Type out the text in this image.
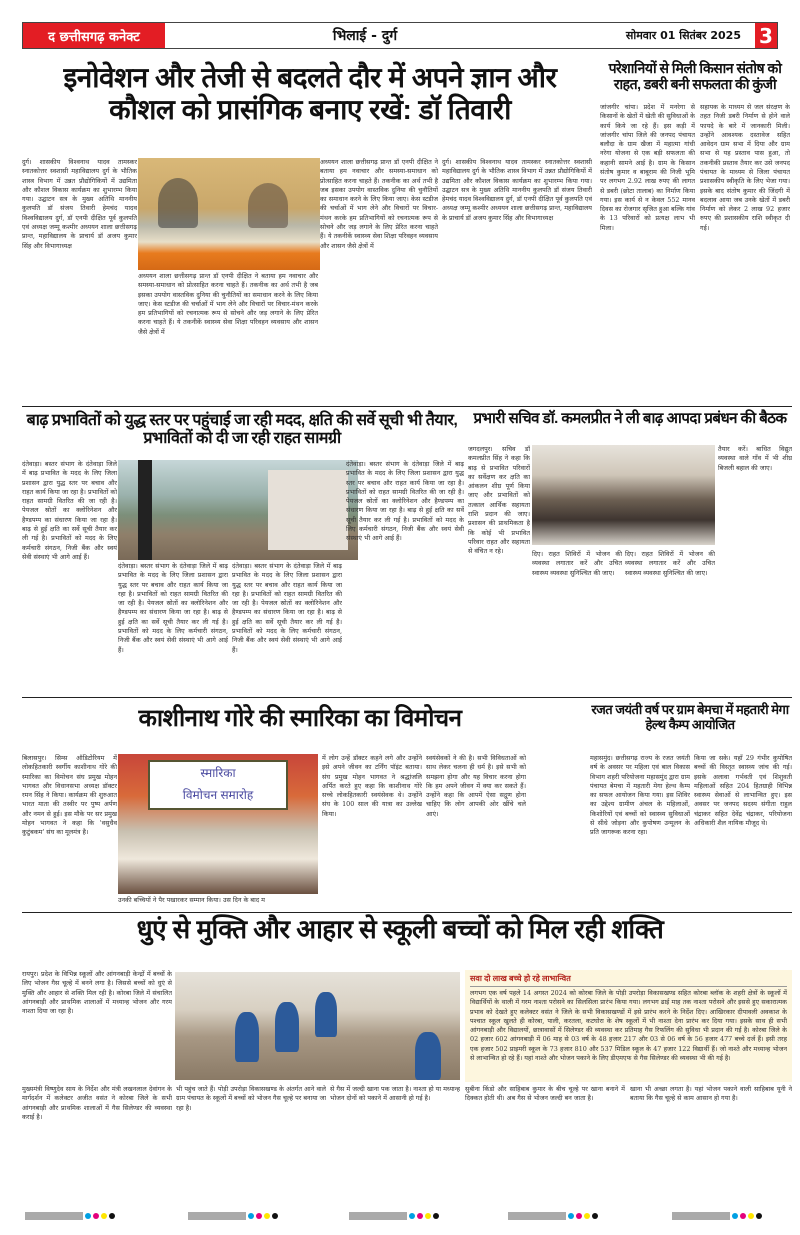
द छत्तीसगढ़ कनेक्ट	भिलाई - दुर्ग	सोमवार 01 सितंबर 2025 3
इनोवेशन और तेजी से बदलते दौर में अपने ज्ञान और कौशल को प्रासंगिक बनाए रखें: डॉ तिवारी
दुर्ग। शासकीय विश्वनाथ यादव तामस्कर स्नातकोत्तर स्वशासी महाविद्यालय दुर्ग के भौतिक शास्त्र विभाग में उन्नत प्रौद्योगिकियों में उद्यमिता और कौशल विकास कार्यक्रम का शुभारम्भ किया गया। उद्घाटन सत्र के मुख्य अतिथि माननीय कुलपति डॉ संजय तिवारी हेमचंद यादव विश्वविद्यालय दुर्ग, डॉ एनपी दीक्षित पूर्व कुलपति एवं अध्यक्ष जम्मू कश्मीर अध्ययन शाला छत्तीसगढ़ प्रान्त, महाविद्यालय के प्राचार्य डॉ अजय कुमार सिंह और विभागाध्यक्ष
अध्ययन शाला छत्तीसगढ़ प्रान्त डॉ एनपी दीक्षित ने बताया हम नवाचार और समस्या-समाधान को प्रोत्साहित करना चाहते हैं। तकनीक का अर्थ तभी है जब इसका उपयोग वास्तविक दुनिया की चुनौतियों का समाधान करने के लिए किया जाए। केस स्टडीज की चर्चाओं में भाग लेने और विचारों पर विचार-मंथन करके हम प्रतिभागियों को रचनात्मक रूप से सोचने और जड़ लगाने के लिए प्रेरित करना चाहते हैं। ये तकनीकें स्वास्थ्य सेवा शिक्षा परिवहन व्यवसाय और शासन जैसे क्षेत्रों में
अध्ययन शाला छत्तीसगढ़ प्रान्त डॉ एनपी दीक्षित ने बताया हम नवाचार और समस्या-समाधान को प्रोत्साहित करना चाहते हैं। तकनीक का अर्थ तभी है जब इसका उपयोग वास्तविक दुनिया की चुनौतियों का समाधान करने के लिए किया जाए। केस स्टडीज की चर्चाओं में भाग लेने और विचारों पर विचार-मंथन करके हम प्रतिभागियों को रचनात्मक रूप से सोचने और जड़ लगाने के लिए प्रेरित करना चाहते हैं। ये तकनीकें स्वास्थ्य सेवा शिक्षा परिवहन व्यवसाय और शासन जैसे क्षेत्रों में
दुर्ग। शासकीय विश्वनाथ यादव तामस्कर स्नातकोत्तर स्वशासी महाविद्यालय दुर्ग के भौतिक शास्त्र विभाग में उन्नत प्रौद्योगिकियों में उद्यमिता और कौशल विकास कार्यक्रम का शुभारम्भ किया गया। उद्घाटन सत्र के मुख्य अतिथि माननीय कुलपति डॉ संजय तिवारी हेमचंद यादव विश्वविद्यालय दुर्ग, डॉ एनपी दीक्षित पूर्व कुलपति एवं अध्यक्ष जम्मू कश्मीर अध्ययन शाला छत्तीसगढ़ प्रान्त, महाविद्यालय के प्राचार्य डॉ अजय कुमार सिंह और विभागाध्यक्ष
परेशानियों से मिली किसान संतोष को राहत, डबरी बनी सफलता की कुंजी
जांजगीर चांपा। प्रदेश में मनरेगा से किसानों के खेतों में खेती की सुविधाओं के कार्य किये जा रहे हैं। इस कड़ी में जांजगीर चांपा जिले की जनपद पंचायत बलौदा के ग्राम खैजा में महात्मा गांधी नरेगा योजना से एक बड़ी सफलता की कहानी सामने आई है। ग्राम के किसान संतोष कुमार व बाबूराम की निजी भूमि पर लगभग 2.92 लाख रुपए की लागत से डबरी (छोटा तालाब) का निर्माण किया गया। इस कार्य से न केवल 552 मानव दिवस का रोजगार सृजित हुआ बल्कि गांव के 13 परिवारों को प्रत्यक्ष लाभ भी मिला।
सहायक के माध्यम से जल संरक्षण के तहत निजी डबरी निर्माण से होने वाले फायदे के बारे में जानकारी मिली। उन्होंने आवश्यक दस्तावेज सहित आवेदन ग्राम सभा में दिया और ग्राम सभा से यह प्रस्ताव पास हुआ, तो तकनीकी प्रस्ताव तैयार कर उसे जनपद पंचायत के माध्यम से जिला पंचायत प्रशासकीय स्वीकृति के लिए भेजा गया। इसके बाद संतोष कुमार की जिंदगी में बदलाव आया जब उनके खेतों में डबरी निर्माण को लेकर 2 लाख 92 हजार रुपए की प्रशासकीय राशि स्वीकृत दी गई।
बाढ़ प्रभावितों को युद्ध स्तर पर पहुंचाई जा रही मदद, क्षति की सर्वे सूची भी तैयार, प्रभावितों को दी जा रही राहत सामग्री
दंतेवाड़ा। बस्तर संभाग के दंतेवाड़ा जिले में बाढ़ प्रभावित के मदद के लिए जिला प्रशासन द्वारा युद्ध स्तर पर बचाव और राहत कार्य किया जा रहा है। प्रभावितों को राहत सामग्री वितरित की जा रही है। पेयजल स्रोतों का क्लोरिनेशन और हैण्डपम्प का संधारण किया जा रहा है। बाढ़ से हुई क्षति का सर्वे सूची तैयार कर ली गई है। प्रभावितों को मदद के लिए कर्मचारी संगठन, निजी बैंक और स्वयं सेवी संस्थाएं भी आगे आई हैं।
दंतेवाड़ा। बस्तर संभाग के दंतेवाड़ा जिले में बाढ़ प्रभावित के मदद के लिए जिला प्रशासन द्वारा युद्ध स्तर पर बचाव और राहत कार्य किया जा रहा है। प्रभावितों को राहत सामग्री वितरित की जा रही है। पेयजल स्रोतों का क्लोरिनेशन और हैण्डपम्प का संधारण किया जा रहा है। बाढ़ से हुई क्षति का सर्वे सूची तैयार कर ली गई है। प्रभावितों को मदद के लिए कर्मचारी संगठन, निजी बैंक और स्वयं सेवी संस्थाएं भी आगे आई हैं।
दंतेवाड़ा। बस्तर संभाग के दंतेवाड़ा जिले में बाढ़ प्रभावित के मदद के लिए जिला प्रशासन द्वारा युद्ध स्तर पर बचाव और राहत कार्य किया जा रहा है। प्रभावितों को राहत सामग्री वितरित की जा रही है। पेयजल स्रोतों का क्लोरिनेशन और हैण्डपम्प का संधारण किया जा रहा है। बाढ़ से हुई क्षति का सर्वे सूची तैयार कर ली गई है। प्रभावितों को मदद के लिए कर्मचारी संगठन, निजी बैंक और स्वयं सेवी संस्थाएं भी आगे आई हैं।
दंतेवाड़ा। बस्तर संभाग के दंतेवाड़ा जिले में बाढ़ प्रभावित के मदद के लिए जिला प्रशासन द्वारा युद्ध स्तर पर बचाव और राहत कार्य किया जा रहा है। प्रभावितों को राहत सामग्री वितरित की जा रही है। पेयजल स्रोतों का क्लोरिनेशन और हैण्डपम्प का संधारण किया जा रहा है। बाढ़ से हुई क्षति का सर्वे सूची तैयार कर ली गई है। प्रभावितों को मदद के लिए कर्मचारी संगठन, निजी बैंक और स्वयं सेवी संस्थाएं भी आगे आई हैं।
प्रभारी सचिव डॉ. कमलप्रीत ने ली बाढ़ आपदा प्रबंधन की बैठक
जगदलपुर। सचिव डॉ कमलप्रीत सिंह ने कहा कि बाढ़ से प्रभावित परिवारों का सर्वेक्षण कर क्षति का आंकलन शीघ्र पूर्ण किया जाए और प्रभावितों को तत्काल आर्थिक सहायता राशि प्रदान की जाए। प्रशासन की प्राथमिकता है कि कोई भी प्रभावित परिवार राहत और सहायता से वंचित न रहे।	दिए। राहत शिविरों में भोजन की व्यवस्था लगातार करें और उचित स्वास्थ्य व्यवस्था सुनिश्चित की जाए।
दिए। राहत शिविरों में भोजन की व्यवस्था लगातार करें और उचित स्वास्थ्य व्यवस्था सुनिश्चित की जाए।
तैयार करें। बाधित विद्युत व्यवस्था वाले गाँव में भी शीघ्र बिजली बहाल की जाए।
काशीनाथ गोरे की स्मारिका का विमोचन
बिलासपुर। सिम्स ऑडिटोरियम में लोकहितकारी स्वर्गीय काशीनाथ गोरे की स्मारिका का विमोचन संघ प्रमुख मोहन भागवत और विधानसभा अध्यक्ष डॉक्टर रमन सिंह ने किया। कार्यक्रम की शुरुआत भारत माता की तस्वीर पर पुष्प अर्पण और नमन से हुई। इस मौके पर सर प्रमुख मोहन भागवत ने कहा कि 'वसुधैव कुटुंबकम' संघ का मूलमंत्र है।
स्मारिका
विमोचन समारोह
उनकी बच्चियों ने पैर पखारकर सम्मान किया। उस दिन के बाद म
में लोग उन्हें डॉक्टर कहने लगे और उन्होंने इसे अपने जीवन का टर्निंग पॉइंट बताया। संघ प्रमुख मोहन भागवत ने श्रद्धांजलि अर्पित करते हुए कहा कि काशीनाथ गोरे सच्चे लोकहितकारी स्वयंसेवक थे। उन्होंने संघ के 100 साल की यात्रा का उल्लेख किया।
स्वयंसेवकों ने की है। सभी विविधताओं को साथ लेकर चलना ही धर्म है। इसे सभी को समझना होगा और यह विचार करना होगा कि हम अपने जीवन में क्या कर सकते हैं। उन्होंने कहा कि आपमें ऐसा सद्गुण होना चाहिए कि लोग आपकी ओर खींचे चले आएं।
रजत जयंती वर्ष पर ग्राम बेमचा में महतारी मेगा हेल्थ कैम्प आयोजित
महासमुंद। छत्तीसगढ़ राज्य के रजत जयंती वर्ष के अवसर पर महिला एवं बाल विकास विभाग शहरी परियोजना महासमुंद द्वारा ग्राम पंचायत बेमचा में महतारी मेगा हेल्थ कैम्प का सफल आयोजन किया गया। इस शिविर का उद्देश्य ग्रामीण अंचल के महिलाओं, किशोरियों एवं बच्चों को स्वास्थ्य सुविधाओं से सीधे जोड़ना और कुपोषण उन्मूलन के प्रति जागरूक करना रहा।
किया जा सके। यहाँ 29 गंभीर कुपोषित बच्चों की विस्तृत स्वास्थ्य जांच की गई। इसके अलावा गर्भवती एवं शिशुवती महिलाओं सहित 204 हितग्राही विभिन्न स्वास्थ्य सेवाओं से लाभान्वित हुए। इस अवसर पर जनपद सदस्य संगीता राहुल चंद्राकर सहित देवेंद्र चंद्राकर, परियोजना अधिकारी शैल नायिक मौजूद थे।
धुएं से मुक्ति और आहार से स्कूली बच्चों को मिल रही शक्ति
रायपुर। प्रदेश के विभिन्न स्कूलों और आंगनबाड़ी केन्द्रों में बच्चों के लिए भोजन गैस चूल्हे में बनने लगा है। जिससे बच्चों को धुएं से मुक्ति और आहार से शक्ति मिल रही है। कोरबा जिले में संचालित आंगनबाड़ी और प्राथमिक शालाओं में मध्यान्ह भोजन और गरम नाश्ता दिया जा रहा है।
सवा दो लाख बच्चे हो रहे लाभान्वित
लगभग एक वर्ष पहले 14 अगस्त 2024 को कोरबा जिले के पोड़ी उपरोड़ा विकासखण्ड सहित कोरबा ब्लॉक के शहरी क्षेत्रों के स्कूलों में विद्यार्थियों के थाली में गरम नाश्ता परोसने का सिलसिला प्रारंभ किया गया। लगभग ढाई माह तक नाश्ता परोसने और इससे हुए सकारात्मक प्रभाव को देखते हुए कलेक्टर वसंत ने जिले के सभी विकासखण्डों में इसे प्रारंभ करने के निर्देश दिए। आखिरकार दीपावली अवकाश के पश्चात स्कूल खुलते ही कोरबा, पाली, करतला, कटघोरा के शेष स्कूलों में भी नाश्ता देना प्रारंभ कर दिया गया। इसके साथ ही सभी आंगनबाड़ी और विद्यालयों, छात्रावासों में सिलेण्डर की व्यवस्था कर प्रतिमाह गैस रिफलिंग की सुविधा भी प्रदान की गई है। कोरबा जिले के 02 हजार 602 आंगनबाड़ी में 06 माह से 03 वर्ष के 48 हजार 217 और 03 से 06 वर्ष के 56 हजार 477 बच्चे दर्ज हैं। इसी तरह एक हजार 502 प्राइमरी स्कूल के 73 हजार 810 और 537 मिडिल स्कूल के 47 हजार 122 विद्यार्थी हैं। जो नाश्ते और मध्यान्ह भोजन से लाभान्वित हो रहे हैं। यहां नाश्ते और भोजन पकाने के लिए डीएमएफ से गैस सिलेण्डर की व्यवस्था भी की गई है।
मुख्यमंत्री विष्णुदेव साय के निर्देश और मंत्री लखनलाल देवांगन के मार्गदर्शन में कलेक्टर अजीत वसंत ने कोरबा जिले के सभी आंगनबाड़ी और प्राथमिक शालाओं में गैस सिलेण्डर की व्यवस्था कराई है।
भी पहुंच जाते हैं। पोड़ी उपरोड़ा विकासखण्ड के अंतर्गत आने वाले ग्राम पंचायत के स्कूलों में बच्चों को भोजन गैस चूल्हे पर बनाया जा रहा है।
से गैस में जल्दी खाना पक जाता है। नाश्ता हो या मध्यान्ह भोजन दोनों को पकाने में आसानी हो गई है।
सुबीना किंडो और साहिबाब कुमार के बीच चूल्हे पर खाना बनाने में दिक्कत होती थी। अब गैस से भोजन जल्दी बन जाता है।
खाना भी अच्छा लगता है। यहां भोजन पकाने वाली साहिबाब यूनी ने बताया कि गैस चूल्हे से काम आसान हो गया है।
